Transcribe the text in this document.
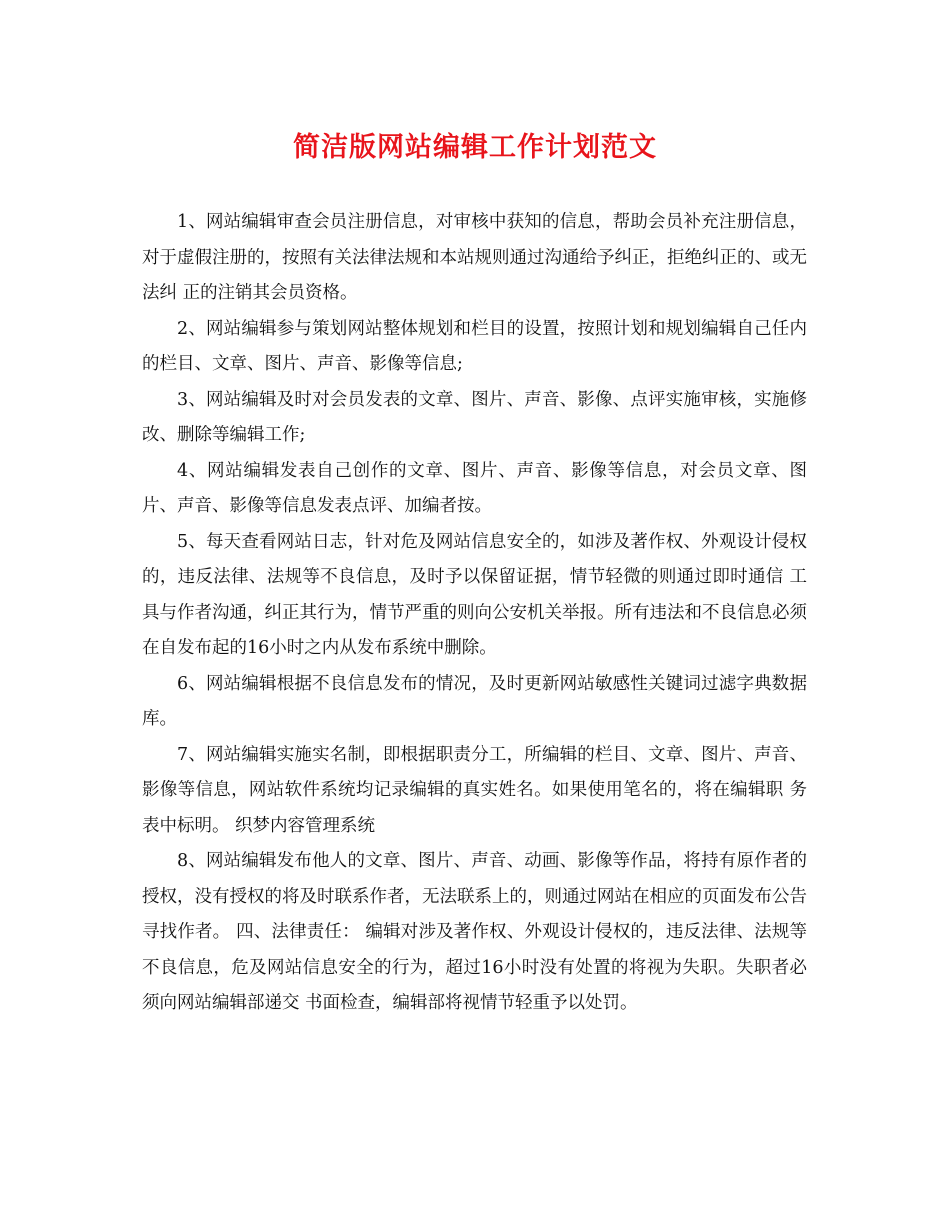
简洁版网站编辑工作计划范文

1、网站编辑审查会员注册信息，对审核中获知的信息，帮助会员补充注册信息，对于虚假注册的，按照有关法律法规和本站规则通过沟通给予纠正，拒绝纠正的、或无法纠 正的注销其会员资格。

2、网站编辑参与策划网站整体规划和栏目的设置，按照计划和规划编辑自己任内的栏目、文章、图片、声音、影像等信息;

3、网站编辑及时对会员发表的文章、图片、声音、影像、点评实施审核，实施修改、删除等编辑工作;

4、网站编辑发表自己创作的文章、图片、声音、影像等信息，对会员文章、图片、声音、影像等信息发表点评、加编者按。

5、每天查看网站日志，针对危及网站信息安全的，如涉及著作权、外观设计侵权的，违反法律、法规等不良信息，及时予以保留证据，情节轻微的则通过即时通信 工具与作者沟通，纠正其行为，情节严重的则向公安机关举报。所有违法和不良信息必须在自发布起的16小时之内从发布系统中删除。

6、网站编辑根据不良信息发布的情况，及时更新网站敏感性关键词过滤字典数据库。

7、网站编辑实施实名制，即根据职责分工，所编辑的栏目、文章、图片、声音、影像等信息，网站软件系统均记录编辑的真实姓名。如果使用笔名的，将在编辑职 务表中标明。 织梦内容管理系统

8、网站编辑发布他人的文章、图片、声音、动画、影像等作品，将持有原作者的授权，没有授权的将及时联系作者，无法联系上的，则通过网站在相应的页面发布公告 寻找作者。 四、法律责任： 编辑对涉及著作权、外观设计侵权的，违反法律、法规等不良信息，危及网站信息安全的行为，超过16小时没有处置的将视为失职。失职者必须向网站编辑部递交 书面检查，编辑部将视情节轻重予以处罚。
